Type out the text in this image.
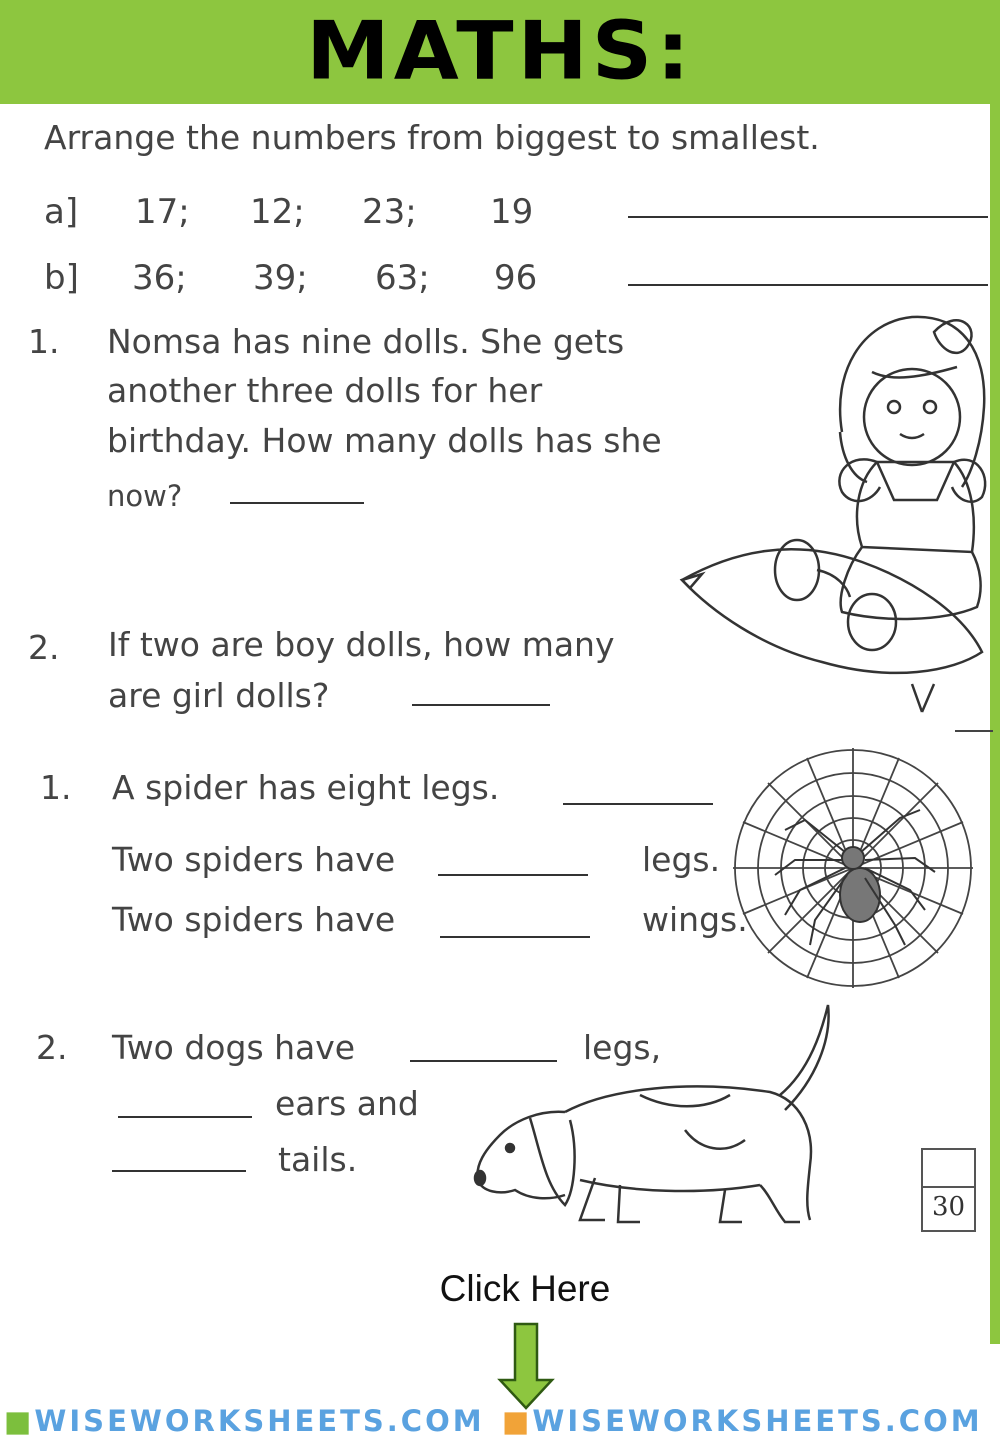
MATHS:
Arrange the numbers from biggest to smallest.
a] 17; 12; 23; 19
b] 36; 39; 63; 96
1. Nomsa has nine dolls. She gets
another three dolls for her
birthday. How many dolls has she
now?
2. If two are boy dolls, how many
are girl dolls?
1. A spider has eight legs.
Two spiders have	legs.
Two spiders have	wings.
2. Two dogs have	legs,
ears and
tails.
30
Click Here
■WISEWORKSHEETS.COM ■WISEWORKSHEETS.COM
